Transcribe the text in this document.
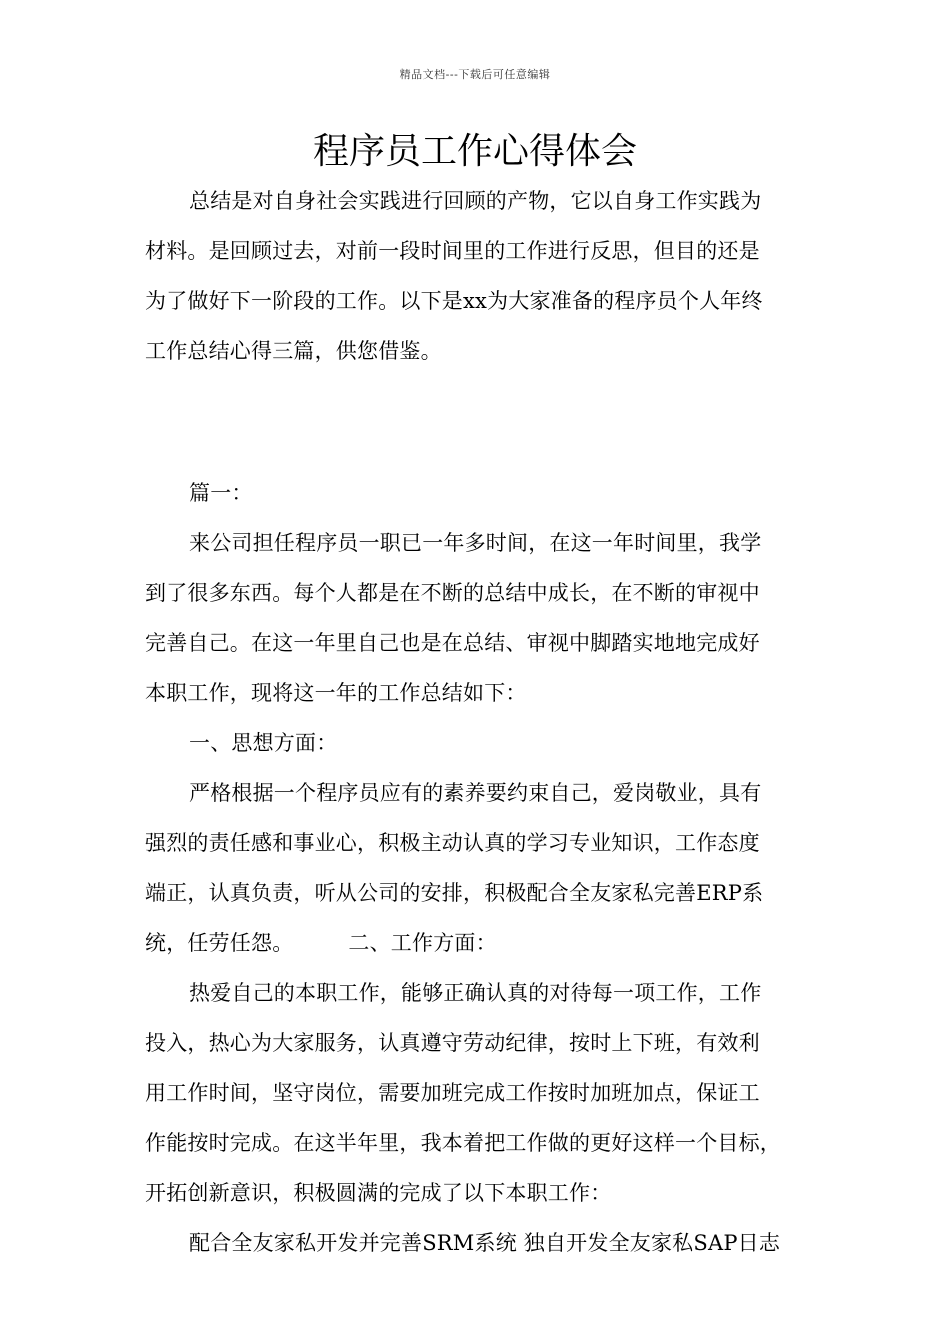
精品文档---下载后可任意编辑
程序员工作心得体会
总结是对自身社会实践进行回顾的产物，它以自身工作实践为
材料。是回顾过去，对前一段时间里的工作进行反思，但目的还是
为了做好下一阶段的工作。以下是xx为大家准备的程序员个人年终
工作总结心得三篇，供您借鉴。
篇一：
来公司担任程序员一职已一年多时间，在这一年时间里，我学
到了很多东西。每个人都是在不断的总结中成长，在不断的审视中
完善自己。在这一年里自己也是在总结、审视中脚踏实地地完成好
本职工作，现将这一年的工作总结如下：
一、思想方面：
严格根据一个程序员应有的素养要约束自己，爱岗敬业，具有
强烈的责任感和事业心，积极主动认真的学习专业知识，工作态度
端正，认真负责，听从公司的安排，积极配合全友家私完善ERP系
统，任劳任怨。        二、工作方面：
热爱自己的本职工作，能够正确认真的对待每一项工作，工作
投入，热心为大家服务，认真遵守劳动纪律，按时上下班，有效利
用工作时间，坚守岗位，需要加班完成工作按时加班加点，保证工
作能按时完成。在这半年里，我本着把工作做的更好这样一个目标，
开拓创新意识，积极圆满的完成了以下本职工作：
配合全友家私开发并完善SRM系统 独自开发全友家私SAP日志
